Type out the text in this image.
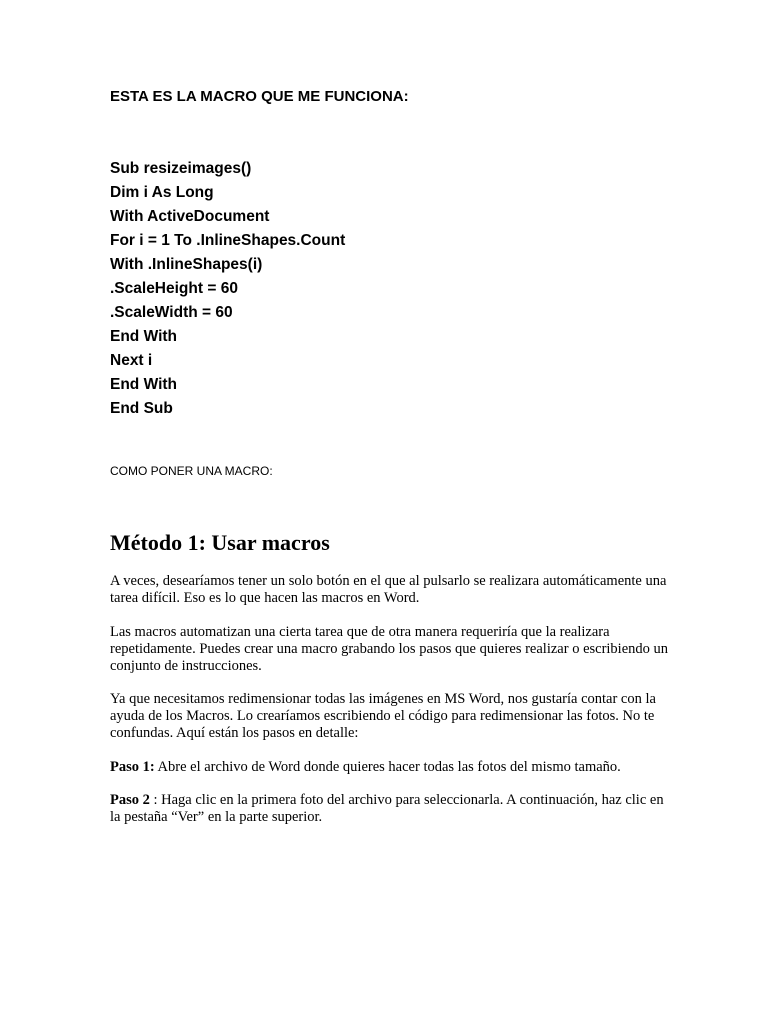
ESTA ES LA MACRO QUE ME FUNCIONA:
Sub resizeimages()
Dim i As Long
With ActiveDocument
For i = 1 To .InlineShapes.Count
With .InlineShapes(i)
.ScaleHeight = 60
.ScaleWidth = 60
End With
Next i
End With
End Sub

COMO PONER UNA MACRO:

Método 1: Usar macros

A veces, desearíamos tener un solo botón en el que al pulsarlo se realizara automáticamente una tarea difícil. Eso es lo que hacen las macros en Word.

Las macros automatizan una cierta tarea que de otra manera requeriría que la realizara repetidamente. Puedes crear una macro grabando los pasos que quieres realizar o escribiendo un conjunto de instrucciones.

Ya que necesitamos redimensionar todas las imágenes en MS Word, nos gustaría contar con la ayuda de los Macros. Lo crearíamos escribiendo el código para redimensionar las fotos. No te confundas. Aquí están los pasos en detalle:

Paso 1: Abre el archivo de Word donde quieres hacer todas las fotos del mismo tamaño.

Paso 2 : Haga clic en la primera foto del archivo para seleccionarla. A continuación, haz clic en la pestaña “Ver” en la parte superior.
